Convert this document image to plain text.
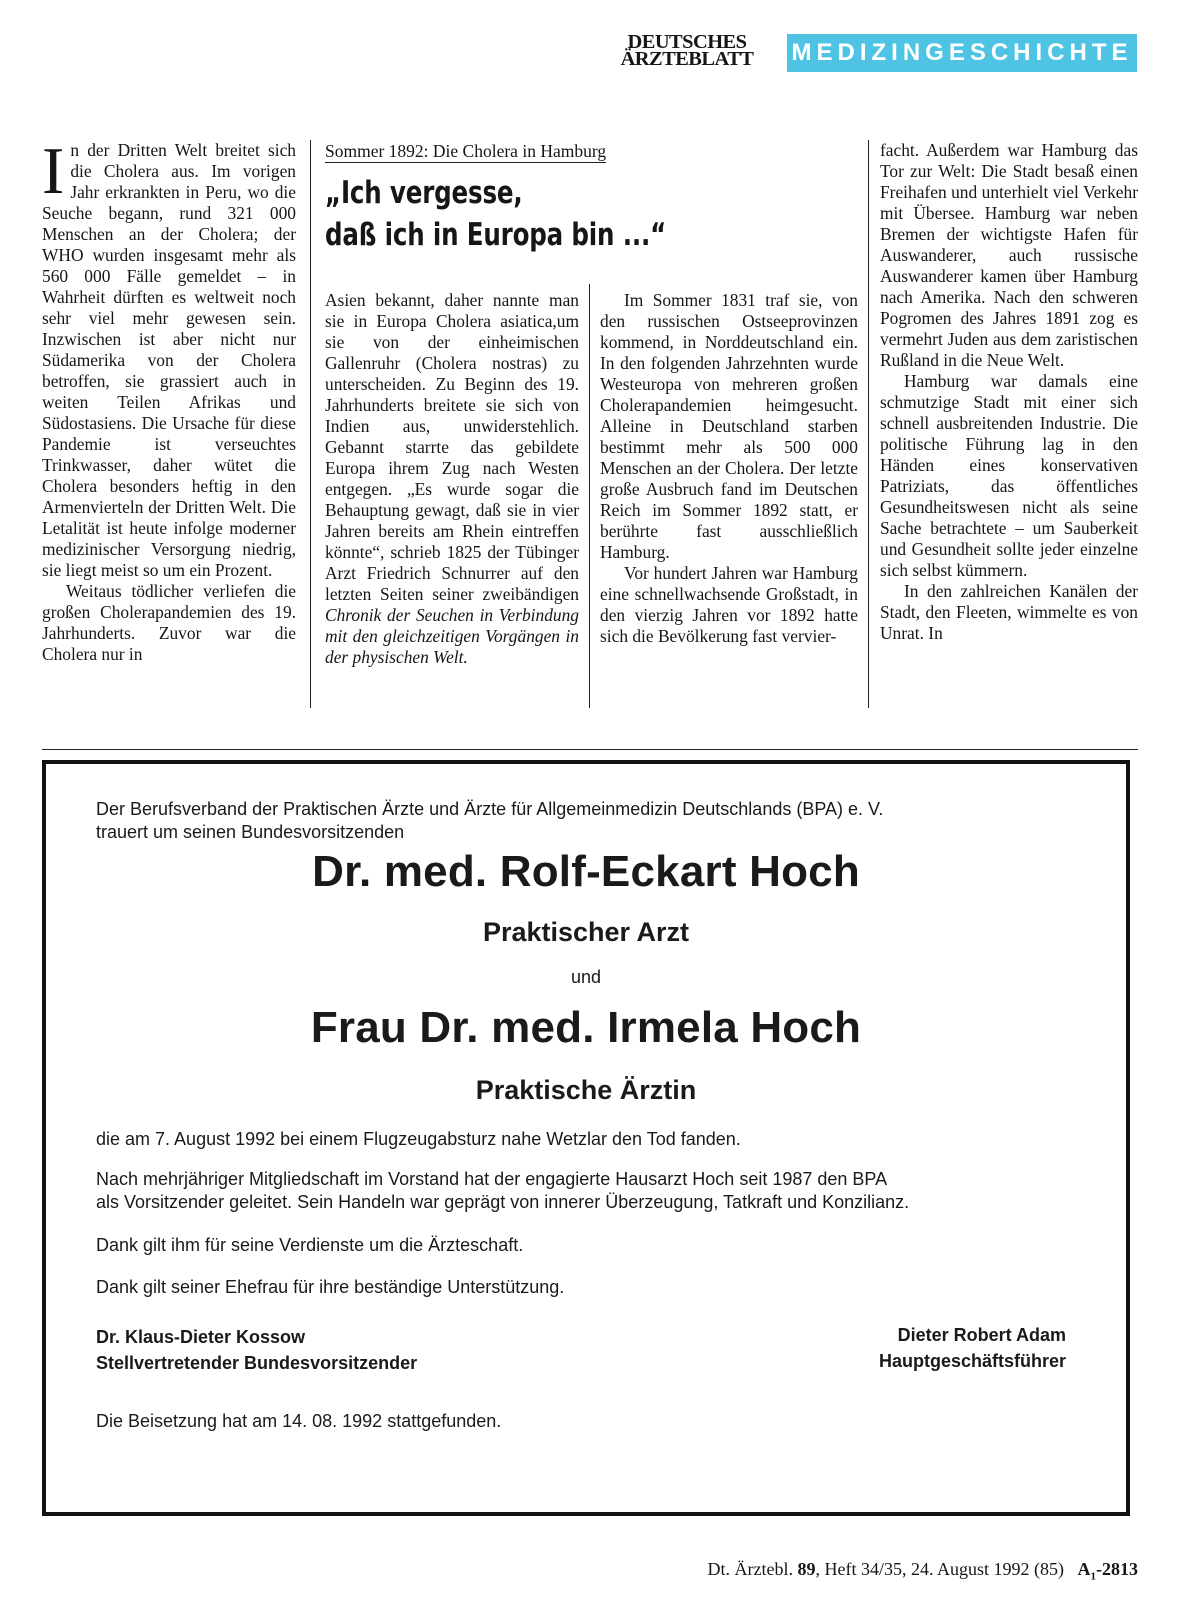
DEUTSCHES
ÄRZTEBLATT	MEDIZINGESCHICHTE

In der Dritten Welt breitet sich die Cholera aus. Im vorigen Jahr erkrankten in Peru, wo die Seuche begann, rund 321 000 Menschen an der Cholera; der WHO wurden insgesamt mehr als 560 000 Fälle gemeldet – in Wahrheit dürften es weltweit noch sehr viel mehr gewesen sein. Inzwischen ist aber nicht nur Südamerika von der Cholera betroffen, sie grassiert auch in weiten Teilen Afrikas und Südostasiens. Die Ursache für diese Pandemie ist verseuchtes Trinkwasser, daher wütet die Cholera besonders heftig in den Armenvierteln der Dritten Welt. Die Letalität ist heute infolge moderner medizinischer Versorgung niedrig, sie liegt meist so um ein Prozent.

Weitaus tödlicher verliefen die großen Cholerapandemien des 19. Jahrhunderts. Zuvor war die Cholera nur in

Sommer 1892: Die Cholera in Hamburg
„Ich vergesse,
daß ich in Europa bin ...“

Asien bekannt, daher nannte man sie in Europa Cholera asiatica,um sie von der einheimischen Gallenruhr (Cholera nostras) zu unterscheiden. Zu Beginn des 19. Jahrhunderts breitete sie sich von Indien aus, unwiderstehlich. Gebannt starrte das gebildete Europa ihrem Zug nach Westen entgegen. „Es wurde sogar die Behauptung gewagt, daß sie in vier Jahren bereits am Rhein eintreffen könnte“, schrieb 1825 der Tübinger Arzt Friedrich Schnurrer auf den letzten Seiten seiner zweibändigen Chronik der Seuchen in Verbindung mit den gleichzeitigen Vorgängen in der physischen Welt.

Im Sommer 1831 traf sie, von den russischen Ostseeprovinzen kommend, in Norddeutschland ein. In den folgenden Jahrzehnten wurde Westeuropa von mehreren großen Cholerapandemien heimgesucht. Alleine in Deutschland starben bestimmt mehr als 500 000 Menschen an der Cholera. Der letzte große Ausbruch fand im Deutschen Reich im Sommer 1892 statt, er berührte fast ausschließlich Hamburg.

Vor hundert Jahren war Hamburg eine schnellwachsende Großstadt, in den vierzig Jahren vor 1892 hatte sich die Bevölkerung fast vervier-

facht. Außerdem war Hamburg das Tor zur Welt: Die Stadt besaß einen Freihafen und unterhielt viel Verkehr mit Übersee. Hamburg war neben Bremen der wichtigste Hafen für Auswanderer, auch russische Auswanderer kamen über Hamburg nach Amerika. Nach den schweren Pogromen des Jahres 1891 zog es vermehrt Juden aus dem zaristischen Rußland in die Neue Welt.

Hamburg war damals eine schmutzige Stadt mit einer sich schnell ausbreitenden Industrie. Die politische Führung lag in den Händen eines konservativen Patriziats, das öffentliches Gesundheitswesen nicht als seine Sache betrachtete – um Sauberkeit und Gesundheit sollte jeder einzelne sich selbst kümmern.

In den zahlreichen Kanälen der Stadt, den Fleeten, wimmelte es von Unrat. In

Der Berufsverband der Praktischen Ärzte und Ärzte für Allgemeinmedizin Deutschlands (BPA) e. V.
trauert um seinen Bundesvorsitzenden
Dr. med. Rolf-Eckart Hoch
Praktischer Arzt
und
Frau Dr. med. Irmela Hoch
Praktische Ärztin
die am 7. August 1992 bei einem Flugzeugabsturz nahe Wetzlar den Tod fanden.
Nach mehrjähriger Mitgliedschaft im Vorstand hat der engagierte Hausarzt Hoch seit 1987 den BPA
als Vorsitzender geleitet. Sein Handeln war geprägt von innerer Überzeugung, Tatkraft und Konzilianz.
Dank gilt ihm für seine Verdienste um die Ärzteschaft.
Dank gilt seiner Ehefrau für ihre beständige Unterstützung.
Dr. Klaus-Dieter Kossow
Stellvertretender Bundesvorsitzender
Dieter Robert Adam
Hauptgeschäftsführer
Die Beisetzung hat am 14. 08. 1992 stattgefunden.
Dt. Ärztebl. 89, Heft 34/35, 24. August 1992 (85) $A_1-2813$
